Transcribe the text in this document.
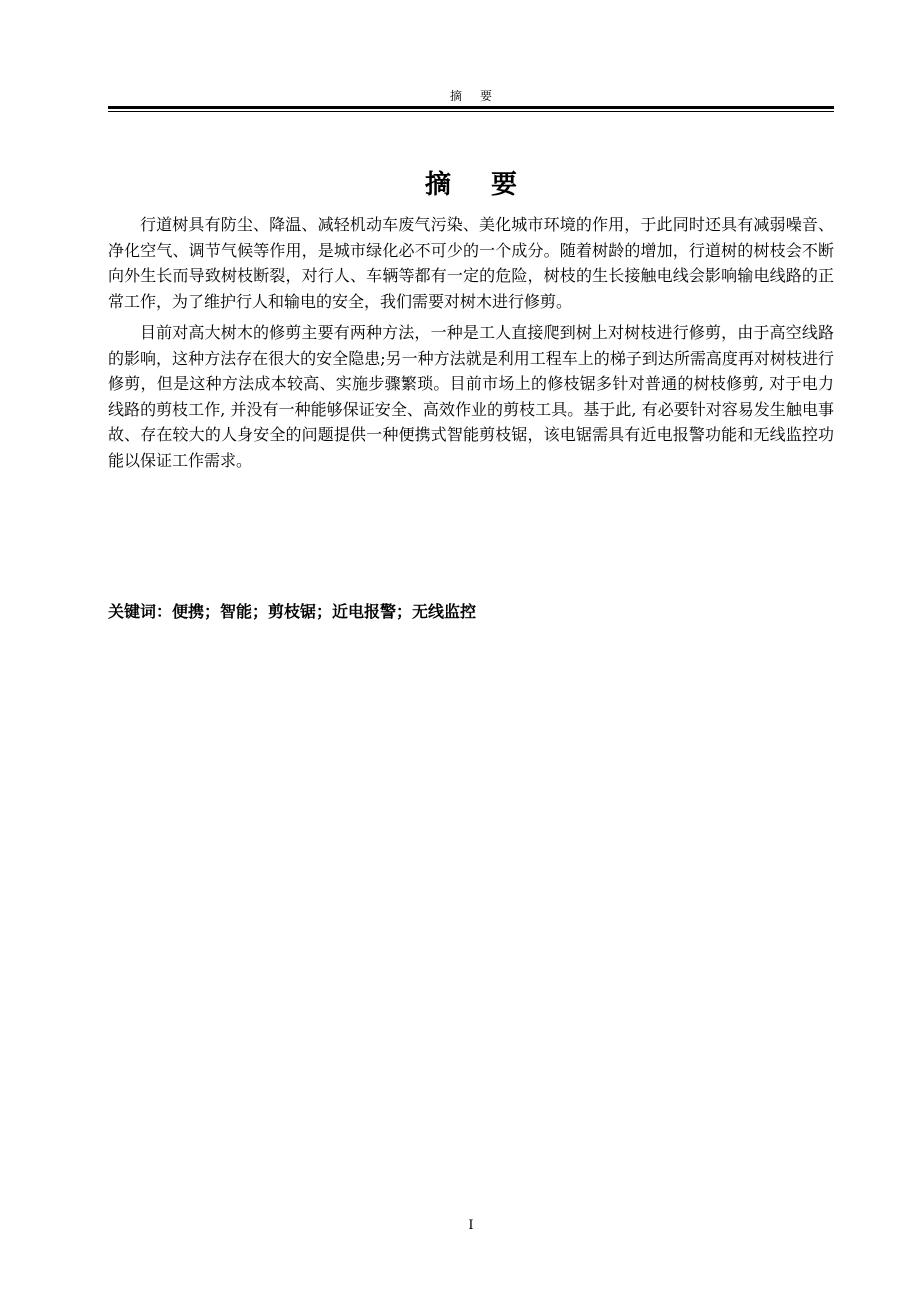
摘要
摘要

行道树具有防尘、降温、减轻机动车废气污染、美化城市环境的作用，于此同时还具有减弱噪音、净化空气、调节气候等作用，是城市绿化必不可少的一个成分。随着树龄的增加，行道树的树枝会不断向外生长而导致树枝断裂，对行人、车辆等都有一定的危险，树枝的生长接触电线会影响输电线路的正常工作，为了维护行人和输电的安全，我们需要对树木进行修剪。

目前对高大树木的修剪主要有两种方法，一种是工人直接爬到树上对树枝进行修剪，由于高空线路的影响，这种方法存在很大的安全隐患;另一种方法就是利用工程车上的梯子到达所需高度再对树枝进行修剪，但是这种方法成本较高、实施步骤繁琐。目前市场上的修枝锯多针对普通的树枝修剪, 对于电力线路的剪枝工作, 并没有一种能够保证安全、高效作业的剪枝工具。基于此, 有必要针对容易发生触电事故、存在较大的人身安全的问题提供一种便携式智能剪枝锯，该电锯需具有近电报警功能和无线监控功能以保证工作需求。

关键词：便携；智能；剪枝锯；近电报警；无线监控
I
